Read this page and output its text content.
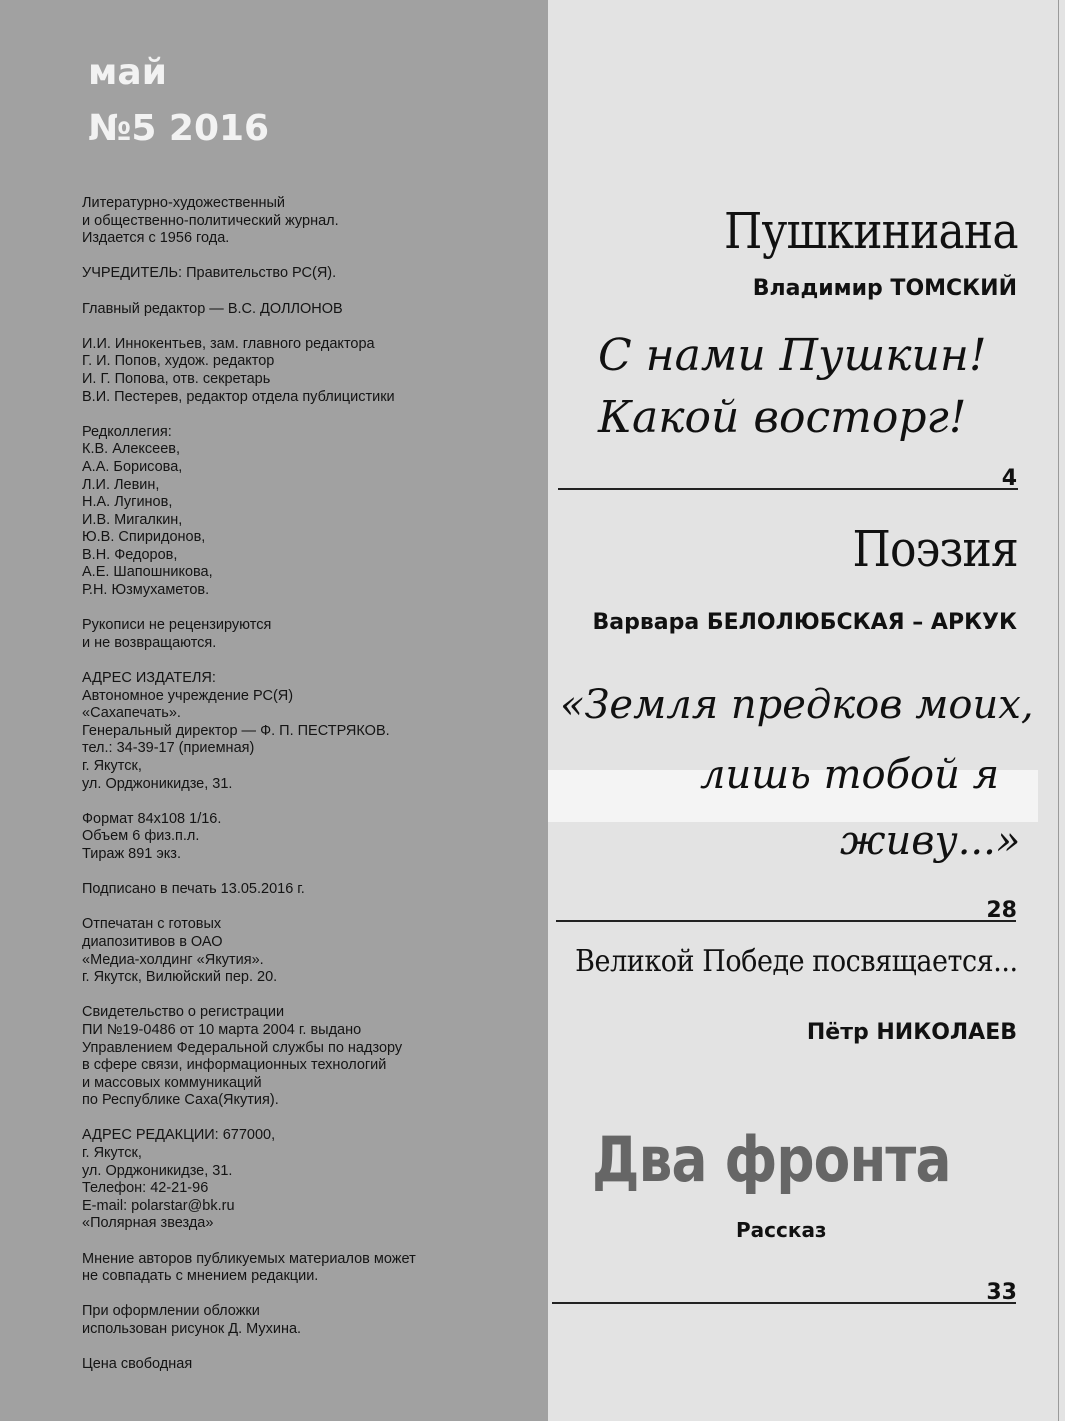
май
№5 2016
Литературно-художественный
и общественно-политический журнал.
Издается с 1956 года.
УЧРЕДИТЕЛЬ: Правительство РС(Я).
Главный редактор — В.С. ДОЛЛОНОВ
И.И. Иннокентьев, зам. главного редактора
Г. И. Попов, худож. редактор
И. Г. Попова, отв. секретарь
В.И. Пестерев, редактор отдела публицистики
Редколлегия:
К.В. Алексеев,
А.А. Борисова,
Л.И. Левин,
Н.А. Лугинов,
И.В. Мигалкин,
Ю.В. Спиридонов,
В.Н. Федоров,
А.Е. Шапошникова,
Р.Н. Юзмухаметов.
Рукописи не рецензируются
и не возвращаются.
АДРЕС ИЗДАТЕЛЯ:
Автономное учреждение РС(Я)
«Сахапечать».
Генеральный директор — Ф. П. ПЕСТРЯКОВ.
тел.: 34-39-17 (приемная)
г. Якутск,
ул. Орджоникидзе, 31.
Формат 84х108 1/16.
Объем 6 физ.п.л.
Тираж 891 экз.
Подписано в печать 13.05.2016 г.
Отпечатан с готовых
диапозитивов в ОАО
«Медиа-холдинг «Якутия».
г. Якутск, Вилюйский пер. 20.
Свидетельство о регистрации
ПИ №19-0486 от 10 марта 2004 г. выдано
Управлением Федеральной службы по надзору
в сфере связи, информационных технологий
и массовых коммуникаций
по Республике Саха(Якутия).
АДРЕС РЕДАКЦИИ: 677000,
г. Якутск,
ул. Орджоникидзе, 31.
Телефон: 42-21-96
E-mail: polarstar@bk.ru
«Полярная звезда»
Мнение авторов публикуемых материалов может
не совпадать с мнением редакции.
При оформлении обложки
использован рисунок Д. Мухина.
Цена свободная
Пушкиниана
Владимир ТОМСКИЙ
С нами Пушкин!
Какой восторг!
4
Поэзия
Варвара БЕЛОЛЮБСКАЯ – АРКУК
«Земля предков моих,
лишь тобой я
живу...»
28
Великой Победе посвящается...
Пётр НИКОЛАЕВ
Два фронта
Рассказ
33
